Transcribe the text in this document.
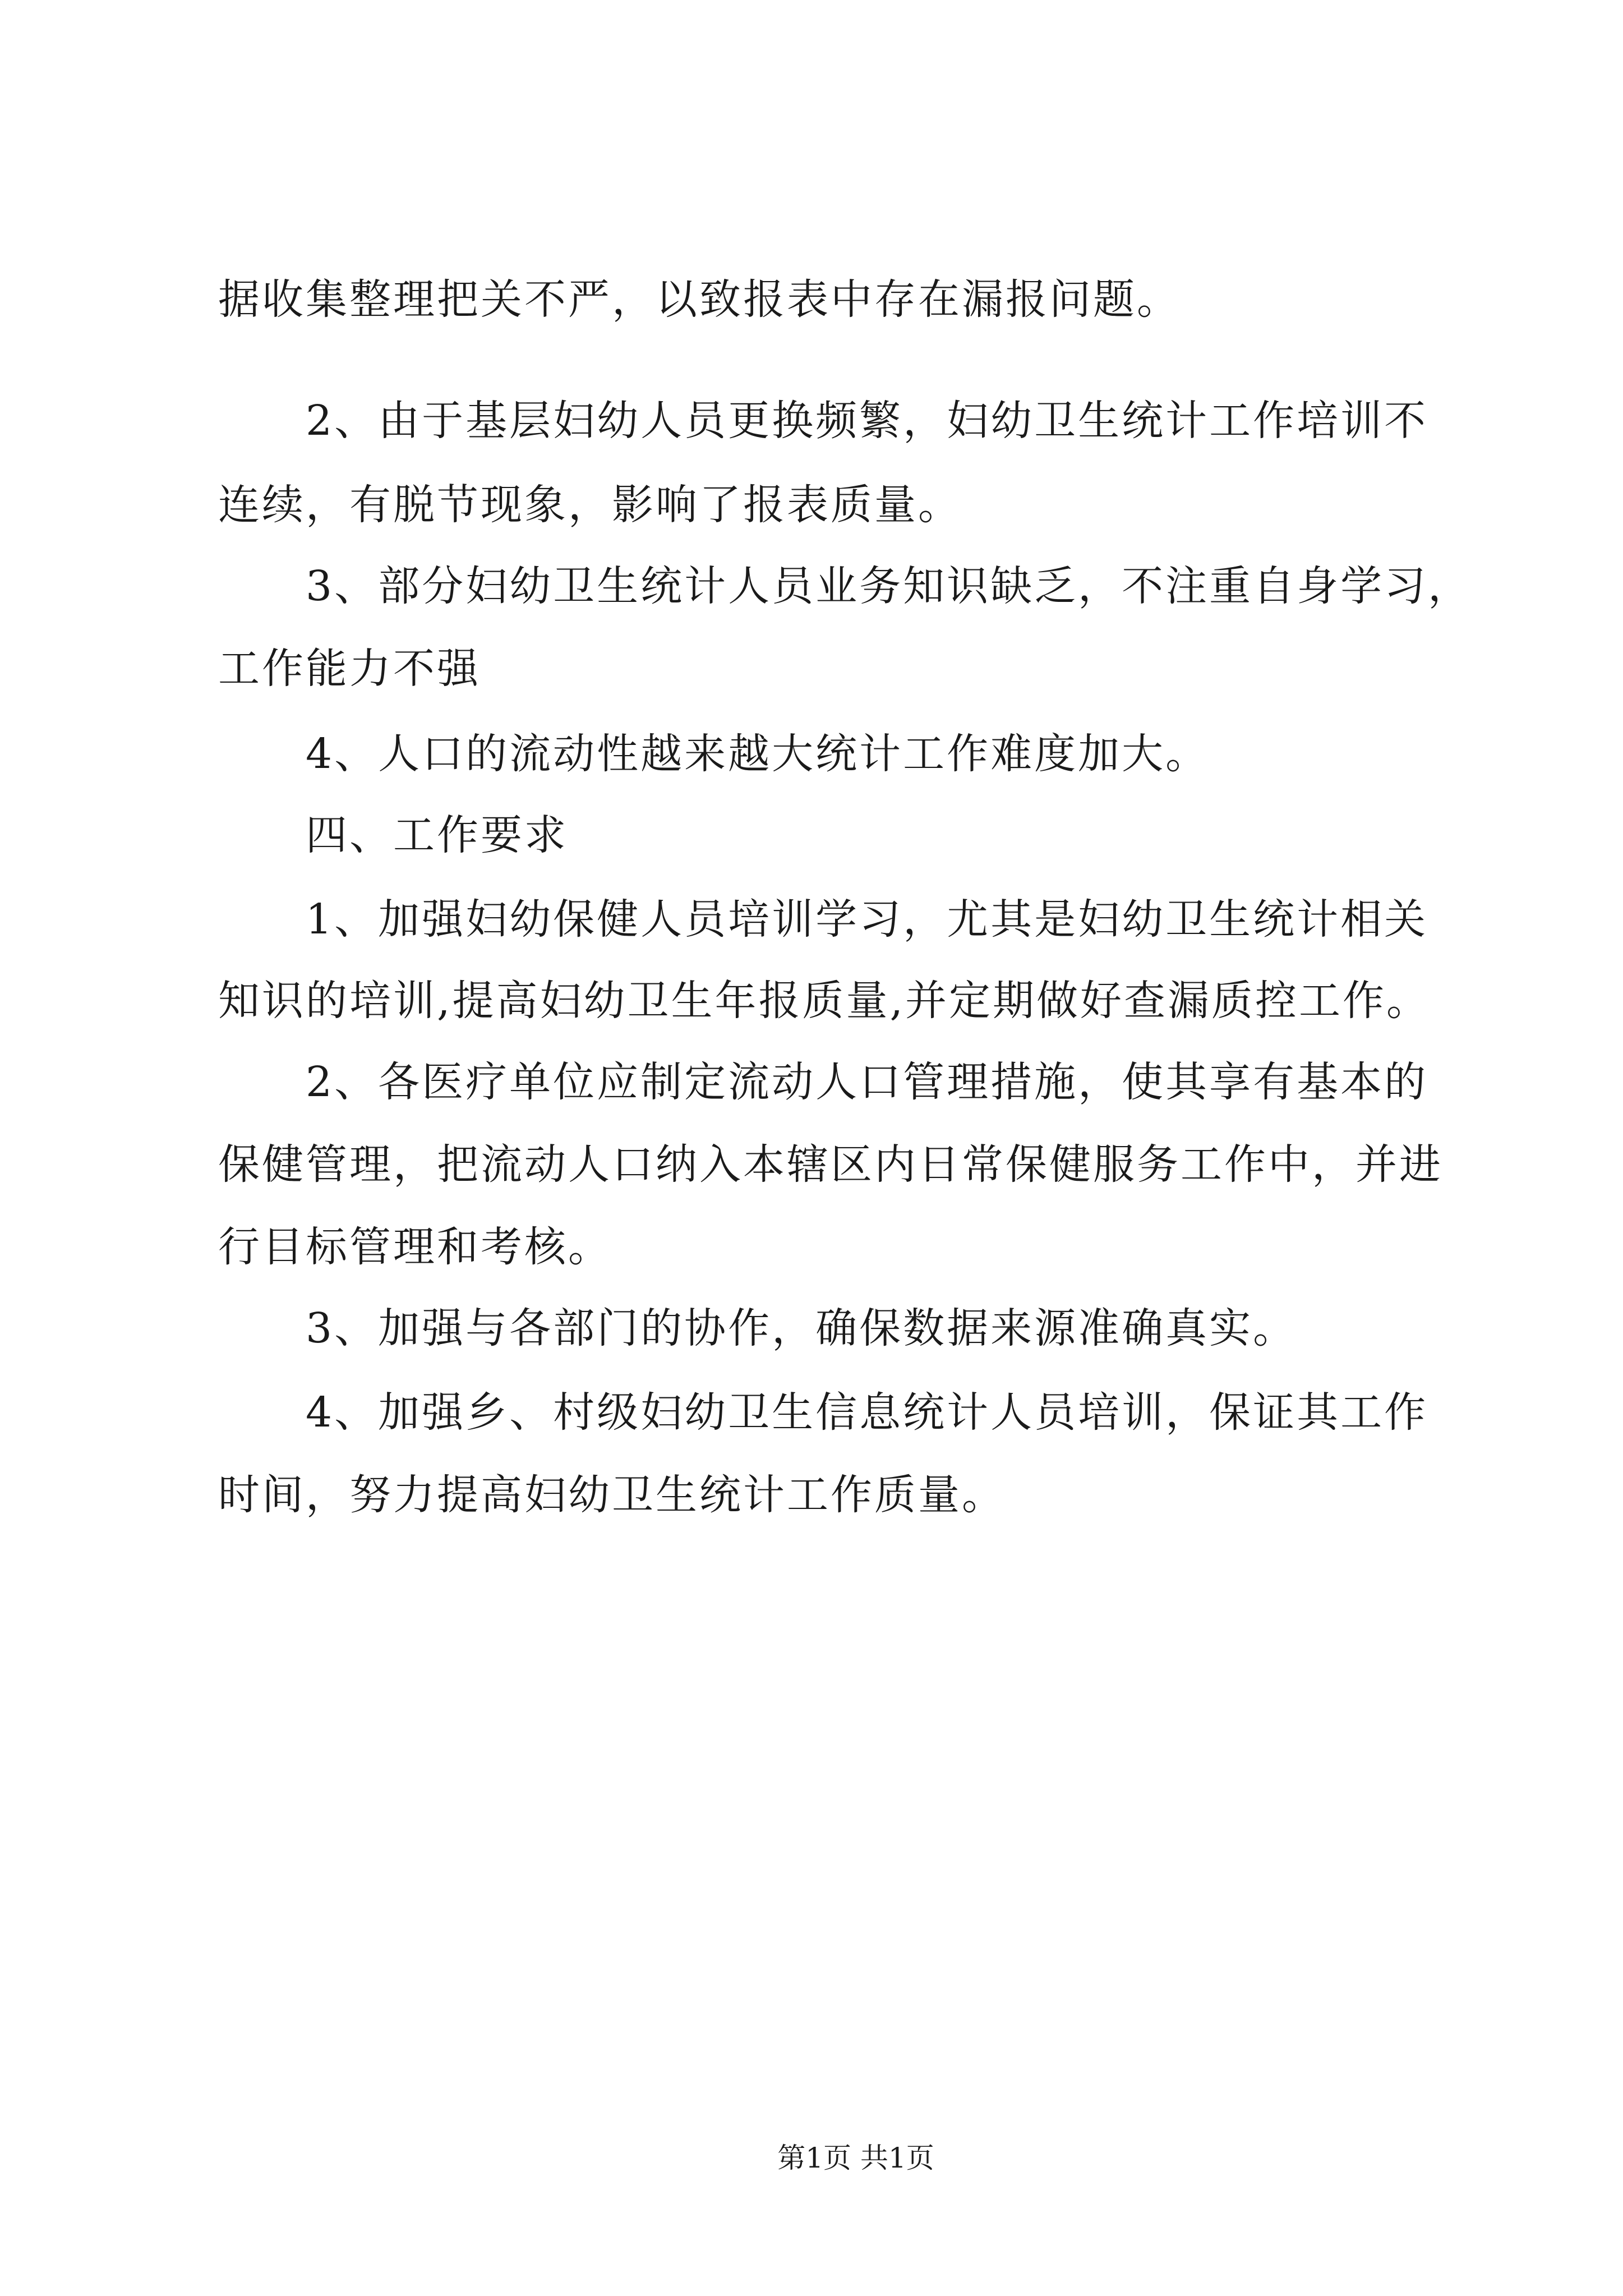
据收集整理把关不严，以致报表中存在漏报问题。
2、由于基层妇幼人员更换频繁，妇幼卫生统计工作培训不
连续，有脱节现象，影响了报表质量。
3、部分妇幼卫生统计人员业务知识缺乏，不注重自身学习，
工作能力不强
4、人口的流动性越来越大统计工作难度加大。
四、工作要求
1、加强妇幼保健人员培训学习，尤其是妇幼卫生统计相关
知识的培训,提高妇幼卫生年报质量,并定期做好查漏质控工作。
2、各医疗单位应制定流动人口管理措施，使其享有基本的
保健管理，把流动人口纳入本辖区内日常保健服务工作中，并进
行目标管理和考核。
3、加强与各部门的协作，确保数据来源准确真实。
4、加强乡、村级妇幼卫生信息统计人员培训，保证其工作
时间，努力提高妇幼卫生统计工作质量。
第1页 共1页
